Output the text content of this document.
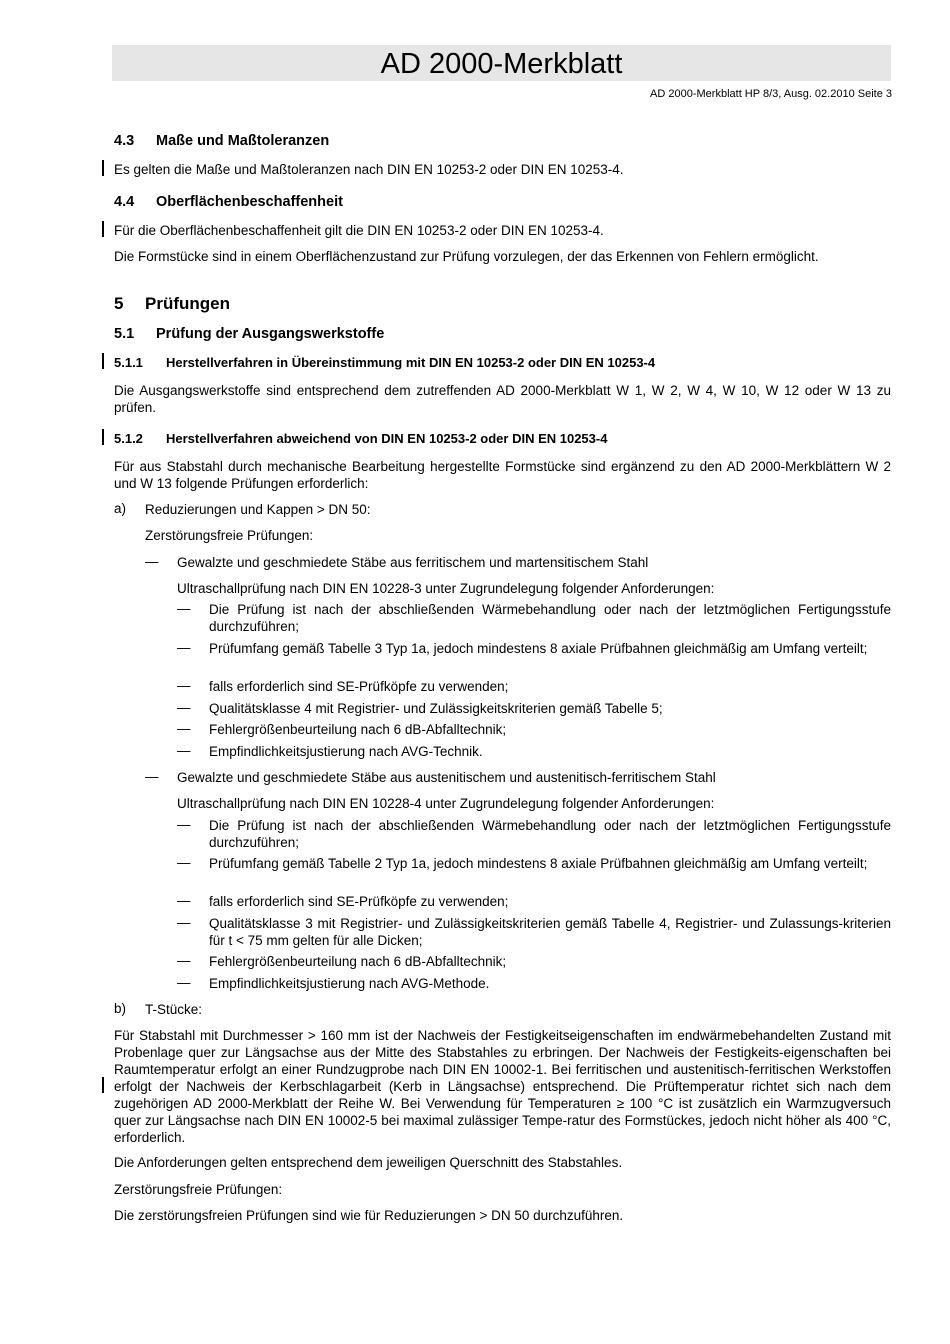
AD 2000-Merkblatt
AD 2000-Merkblatt HP 8/3, Ausg. 02.2010 Seite 3
4.3 Maße und Maßtoleranzen
Es gelten die Maße und Maßtoleranzen nach DIN EN 10253-2 oder DIN EN 10253-4.
4.4 Oberflächenbeschaffenheit
Für die Oberflächenbeschaffenheit gilt die DIN EN 10253-2 oder DIN EN 10253-4.
Die Formstücke sind in einem Oberflächenzustand zur Prüfung vorzulegen, der das Erkennen von Fehlern ermöglicht.
5 Prüfungen
5.1 Prüfung der Ausgangswerkstoffe
5.1.1 Herstellverfahren in Übereinstimmung mit DIN EN 10253-2 oder DIN EN 10253-4
Die Ausgangswerkstoffe sind entsprechend dem zutreffenden AD 2000-Merkblatt W 1, W 2, W 4, W 10, W 12 oder W 13 zu prüfen.
5.1.2 Herstellverfahren abweichend von DIN EN 10253-2 oder DIN EN 10253-4
Für aus Stabstahl durch mechanische Bearbeitung hergestellte Formstücke sind ergänzend zu den AD 2000-Merkblättern W 2 und W 13 folgende Prüfungen erforderlich:
a) Reduzierungen und Kappen > DN 50:
Zerstörungsfreie Prüfungen:
— Gewalzte und geschmiedete Stäbe aus ferritischem und martensitischem Stahl
Ultraschallprüfung nach DIN EN 10228-3 unter Zugrundelegung folgender Anforderungen:
— Die Prüfung ist nach der abschließenden Wärmebehandlung oder nach der letztmöglichen Fertigungsstufe durchzuführen;
— Prüfumfang gemäß Tabelle 3 Typ 1a, jedoch mindestens 8 axiale Prüfbahnen gleichmäßig am Umfang verteilt;
— falls erforderlich sind SE-Prüfköpfe zu verwenden;
— Qualitätsklasse 4 mit Registrier- und Zulässigkeitskriterien gemäß Tabelle 5;
— Fehlergrößenbeurteilung nach 6 dB-Abfalltechnik;
— Empfindlichkeitsjustierung nach AVG-Technik.
— Gewalzte und geschmiedete Stäbe aus austenitischem und austenitisch-ferritischem Stahl
Ultraschallprüfung nach DIN EN 10228-4 unter Zugrundelegung folgender Anforderungen:
— Die Prüfung ist nach der abschließenden Wärmebehandlung oder nach der letztmöglichen Fertigungsstufe durchzuführen;
— Prüfumfang gemäß Tabelle 2 Typ 1a, jedoch mindestens 8 axiale Prüfbahnen gleichmäßig am Umfang verteilt;
— falls erforderlich sind SE-Prüfköpfe zu verwenden;
— Qualitätsklasse 3 mit Registrier- und Zulässigkeitskriterien gemäß Tabelle 4, Registrier- und Zulassungs-kriterien für t < 75 mm gelten für alle Dicken;
— Fehlergrößenbeurteilung nach 6 dB-Abfalltechnik;
— Empfindlichkeitsjustierung nach AVG-Methode.
b) T-Stücke:
Für Stabstahl mit Durchmesser > 160 mm ist der Nachweis der Festigkeitseigenschaften im endwärmebehandelten Zustand mit Probenlage quer zur Längsachse aus der Mitte des Stabstahles zu erbringen. Der Nachweis der Festigkeits-eigenschaften bei Raumtemperatur erfolgt an einer Rundzugprobe nach DIN EN 10002-1. Bei ferritischen und austenitisch-ferritischen Werkstoffen erfolgt der Nachweis der Kerbschlagarbeit (Kerb in Längsachse) entsprechend. Die Prüftemperatur richtet sich nach dem zugehörigen AD 2000-Merkblatt der Reihe W. Bei Verwendung für Temperaturen ≥ 100 °C ist zusätzlich ein Warmzugversuch quer zur Längsachse nach DIN EN 10002-5 bei maximal zulässiger Tempe-ratur des Formstückes, jedoch nicht höher als 400 °C, erforderlich.
Die Anforderungen gelten entsprechend dem jeweiligen Querschnitt des Stabstahles.
Zerstörungsfreie Prüfungen:
Die zerstörungsfreien Prüfungen sind wie für Reduzierungen > DN 50 durchzuführen.
